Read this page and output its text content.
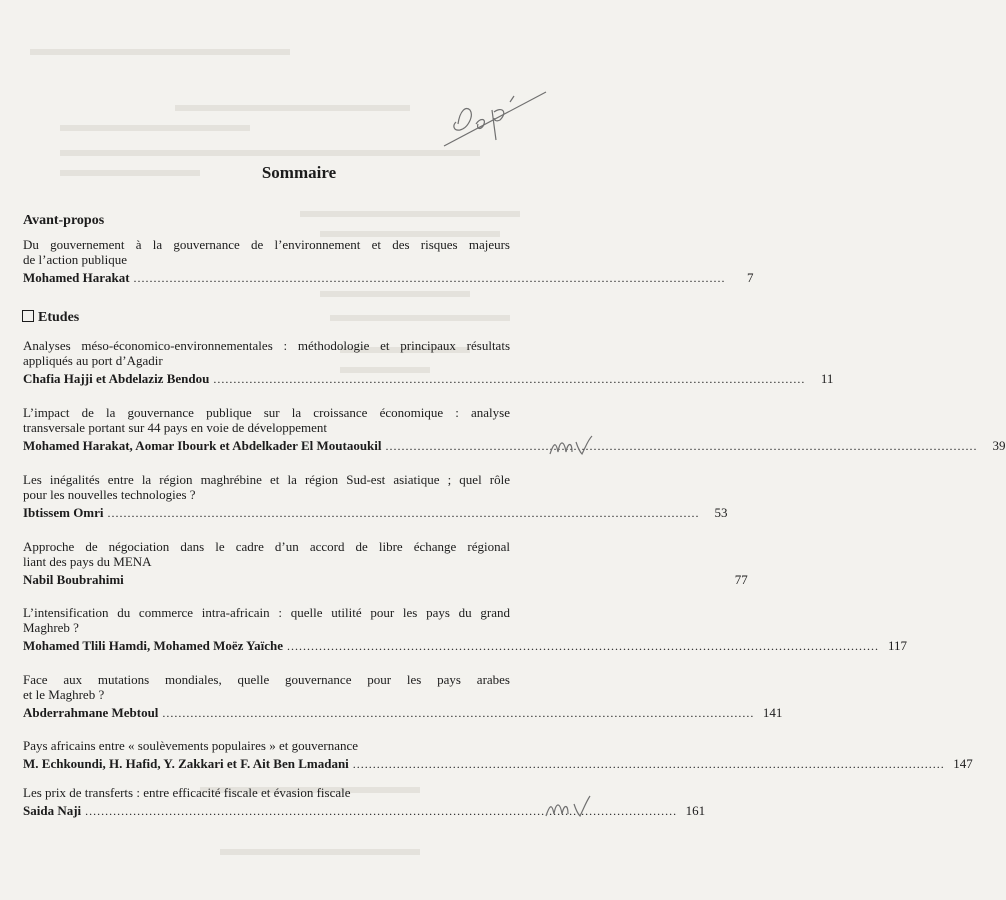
Sommaire
Avant-propos
Du gouvernement à la gouvernance de l’environnement et des risques majeurs
de l’action publique
Mohamed Harakat ....................................................................................................................................................	7
Etudes
Analyses méso-économico-environnementales : méthodologie et principaux résultats
appliqués au port d’Agadir
Chafia Hajji et Abdelaziz Bendou ....................................................................................................................................................	11
L’impact de la gouvernance publique sur la croissance économique : analyse
transversale portant sur 44 pays en voie de développement
Mohamed Harakat, Aomar Ibourk et Abdelkader El Moutaoukil ....................................................................................................................................................	39
Les inégalités entre la région maghrébine et la région Sud-est asiatique ; quel rôle
pour les nouvelles technologies ?
Ibtissem Omri ....................................................................................................................................................	53
Approche de négociation dans le cadre d’un accord de libre échange régional
liant des pays du MENA
Nabil Boubrahimi	77
L’intensification du commerce intra-africain : quelle utilité pour les pays du grand
Maghreb ?
Mohamed Tlili Hamdi, Mohamed Moëz Yaïche .................................................................................................................................................... 117
Face aux mutations mondiales, quelle gouvernance pour les pays arabes
et le Maghreb ?
Abderrahmane Mebtoul .................................................................................................................................................... 141
Pays africains entre « soulèvements populaires » et gouvernance
M. Echkoundi, H. Hafid, Y. Zakkari et F. Ait Ben Lmadani .................................................................................................................................................... 147
Les prix de transferts : entre efficacité fiscale et évasion fiscale
Saida Naji .................................................................................................................................................... 161
